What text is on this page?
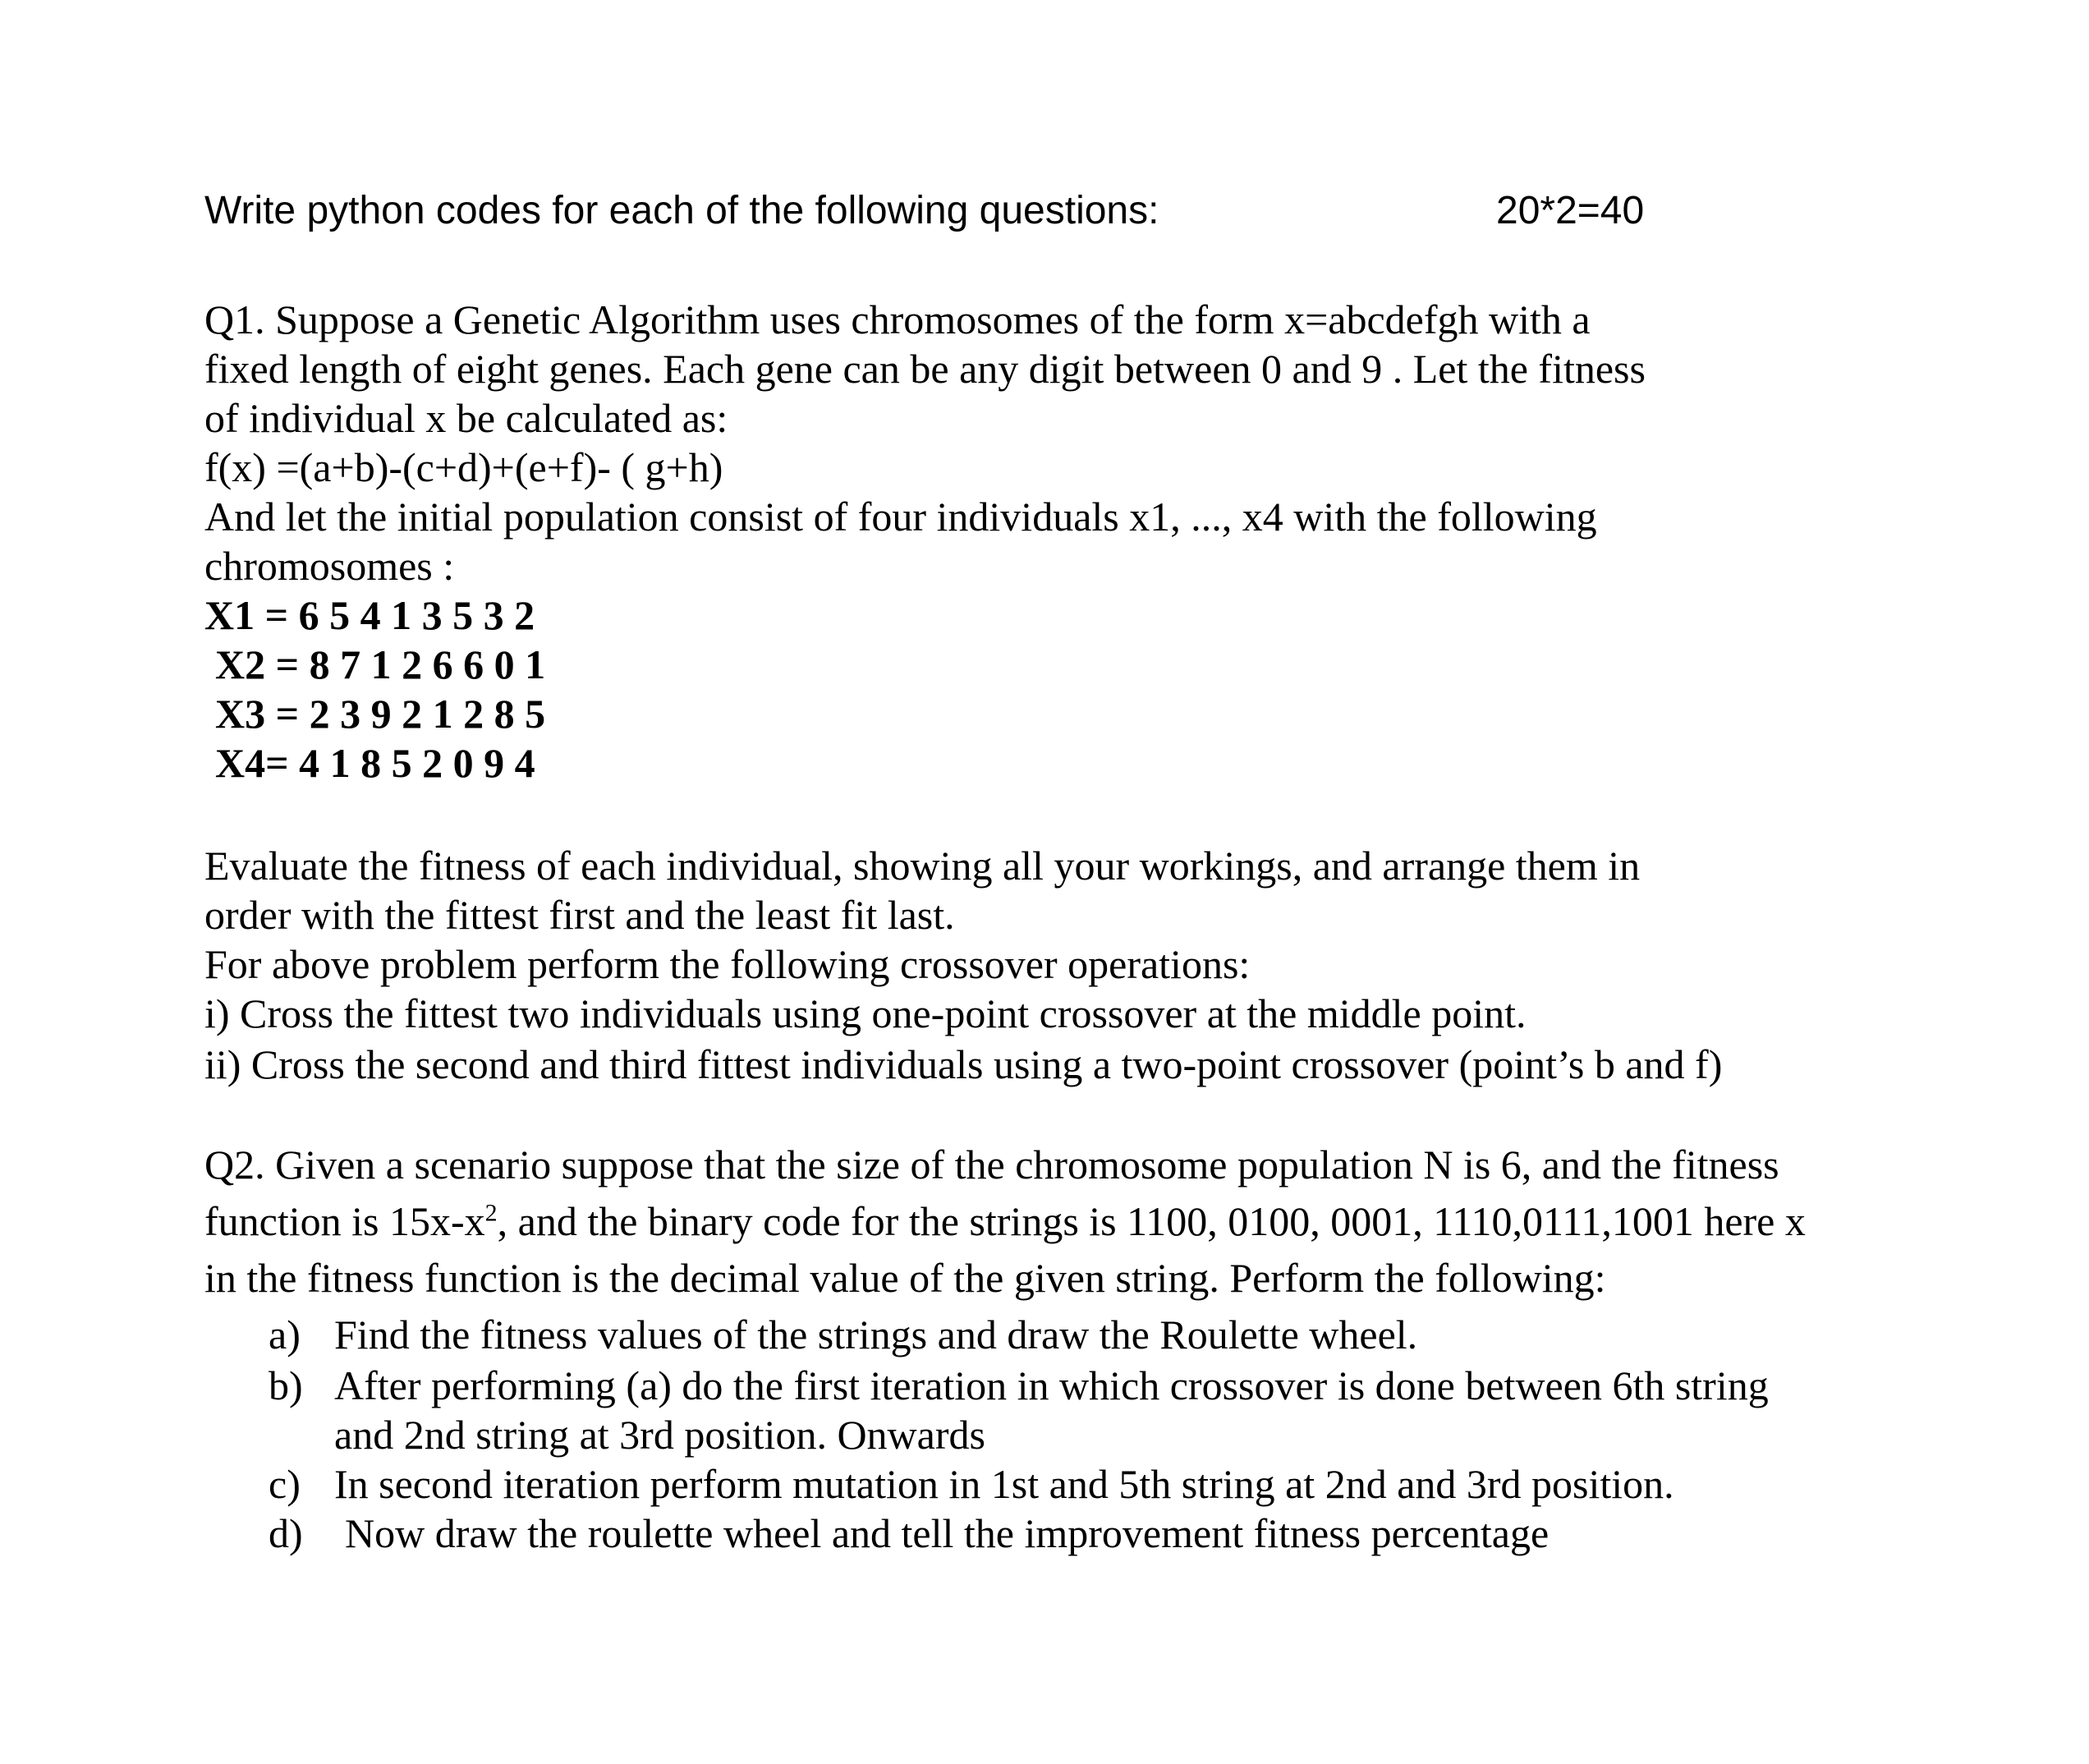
Write python codes for each of the following questions:	20*2=40
Q1. Suppose a Genetic Algorithm uses chromosomes of the form x=abcdefgh with a
fixed length of eight genes. Each gene can be any digit between 0 and 9 . Let the fitness
of individual x be calculated as:
f(x) =(a+b)-(c+d)+(e+f)- ( g+h)
And let the initial population consist of four individuals x1, ..., x4 with the following
chromosomes :
X1 = 6 5 4 1 3 5 3 2
X2 = 8 7 1 2 6 6 0 1
X3 = 2 3 9 2 1 2 8 5
X4= 4 1 8 5 2 0 9 4
Evaluate the fitness of each individual, showing all your workings, and arrange them in
order with the fittest first and the least fit last.
For above problem perform the following crossover operations:
i) Cross the fittest two individuals using one-point crossover at the middle point.
ii) Cross the second and third fittest individuals using a two-point crossover (point’s b and f)
Q2. Given a scenario suppose that the size of the chromosome population N is 6, and the fitness
function is $15x-x^2$, and the binary code for the strings is 1100, 0100, 0001, 1110,0111,1001 here x
in the fitness function is the decimal value of the given string. Perform the following:
a) Find the fitness values of the strings and draw the Roulette wheel.
b) After performing (a) do the first iteration in which crossover is done between 6th string
and 2nd string at 3rd position. Onwards
c) In second iteration perform mutation in 1st and 5th string at 2nd and 3rd position.
d) Now draw the roulette wheel and tell the improvement fitness percentage
